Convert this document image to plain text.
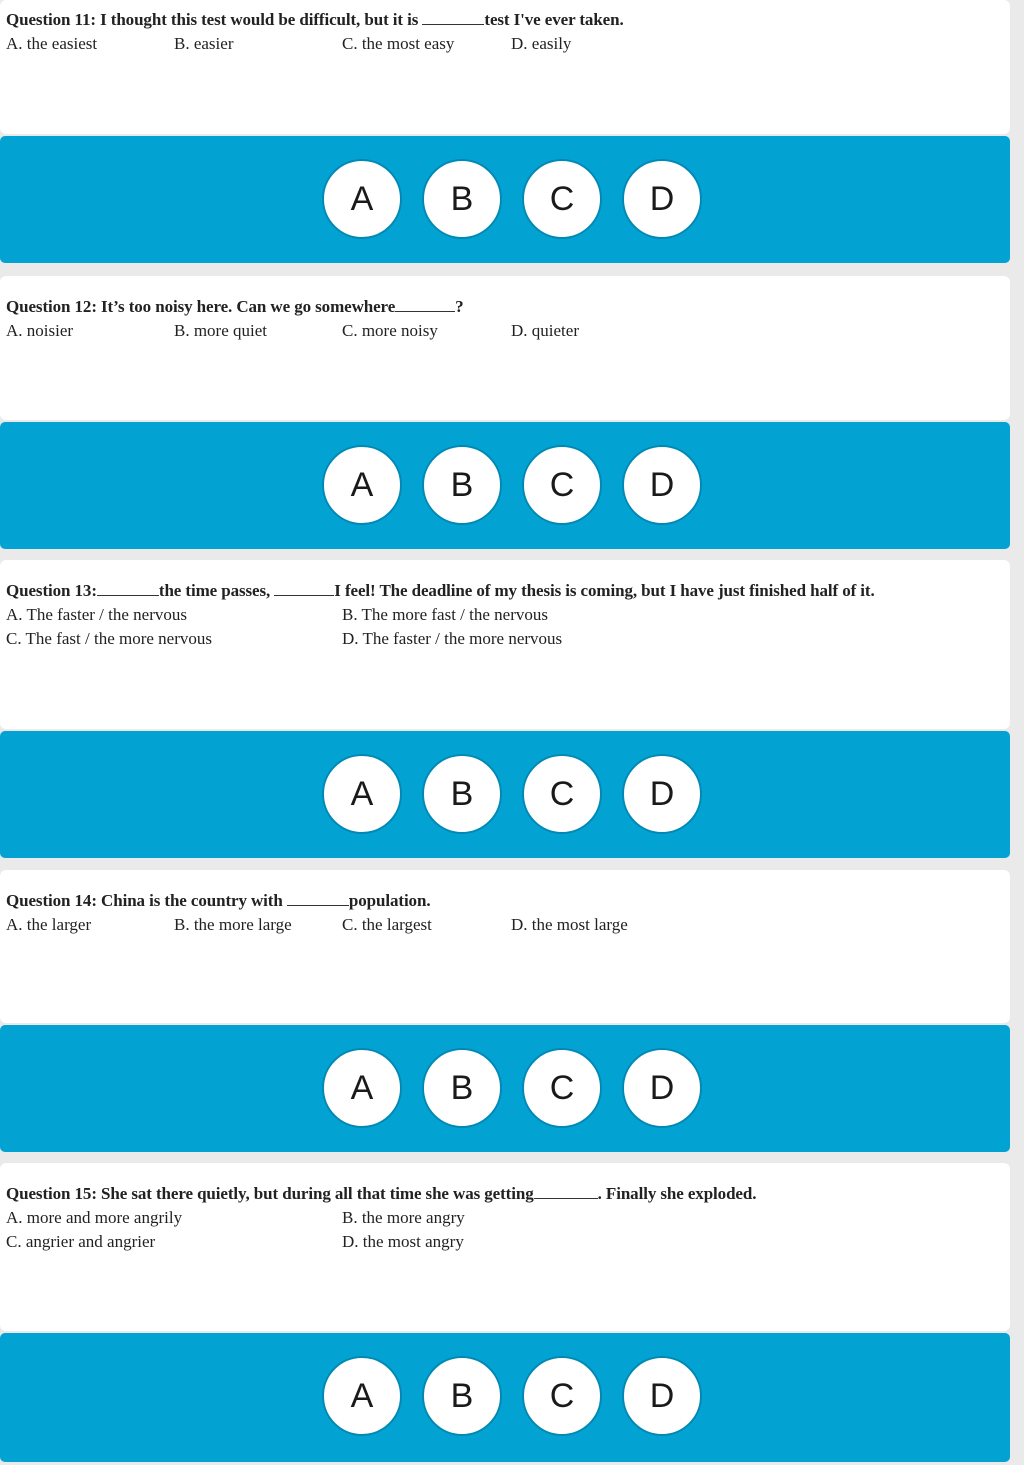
Question 11: I thought this test would be difficult, but it is	test I've ever taken.
A. the easiest	B. easier	C. the most easy	D. easily
A	B	C	D
Question 12: It’s too noisy here. Can we go somewhere	?
A. noisier	B. more quiet	C. more noisy	D. quieter
A	B	C	D
Question 13:	the time passes,	I feel! The deadline of my thesis is coming, but I have just finished half of it.
A. The faster / the nervous	B. The more fast / the nervous
C. The fast / the more nervous	D. The faster / the more nervous
A	B	C	D
Question 14: China is the country with	population.
A. the larger	B. the more large	C. the largest	D. the most large
A	B	C	D
Question 15: She sat there quietly, but during all that time she was getting	. Finally she exploded.
A. more and more angrily	B. the more angry
C. angrier and angrier	D. the most angry
A	B	C	D
